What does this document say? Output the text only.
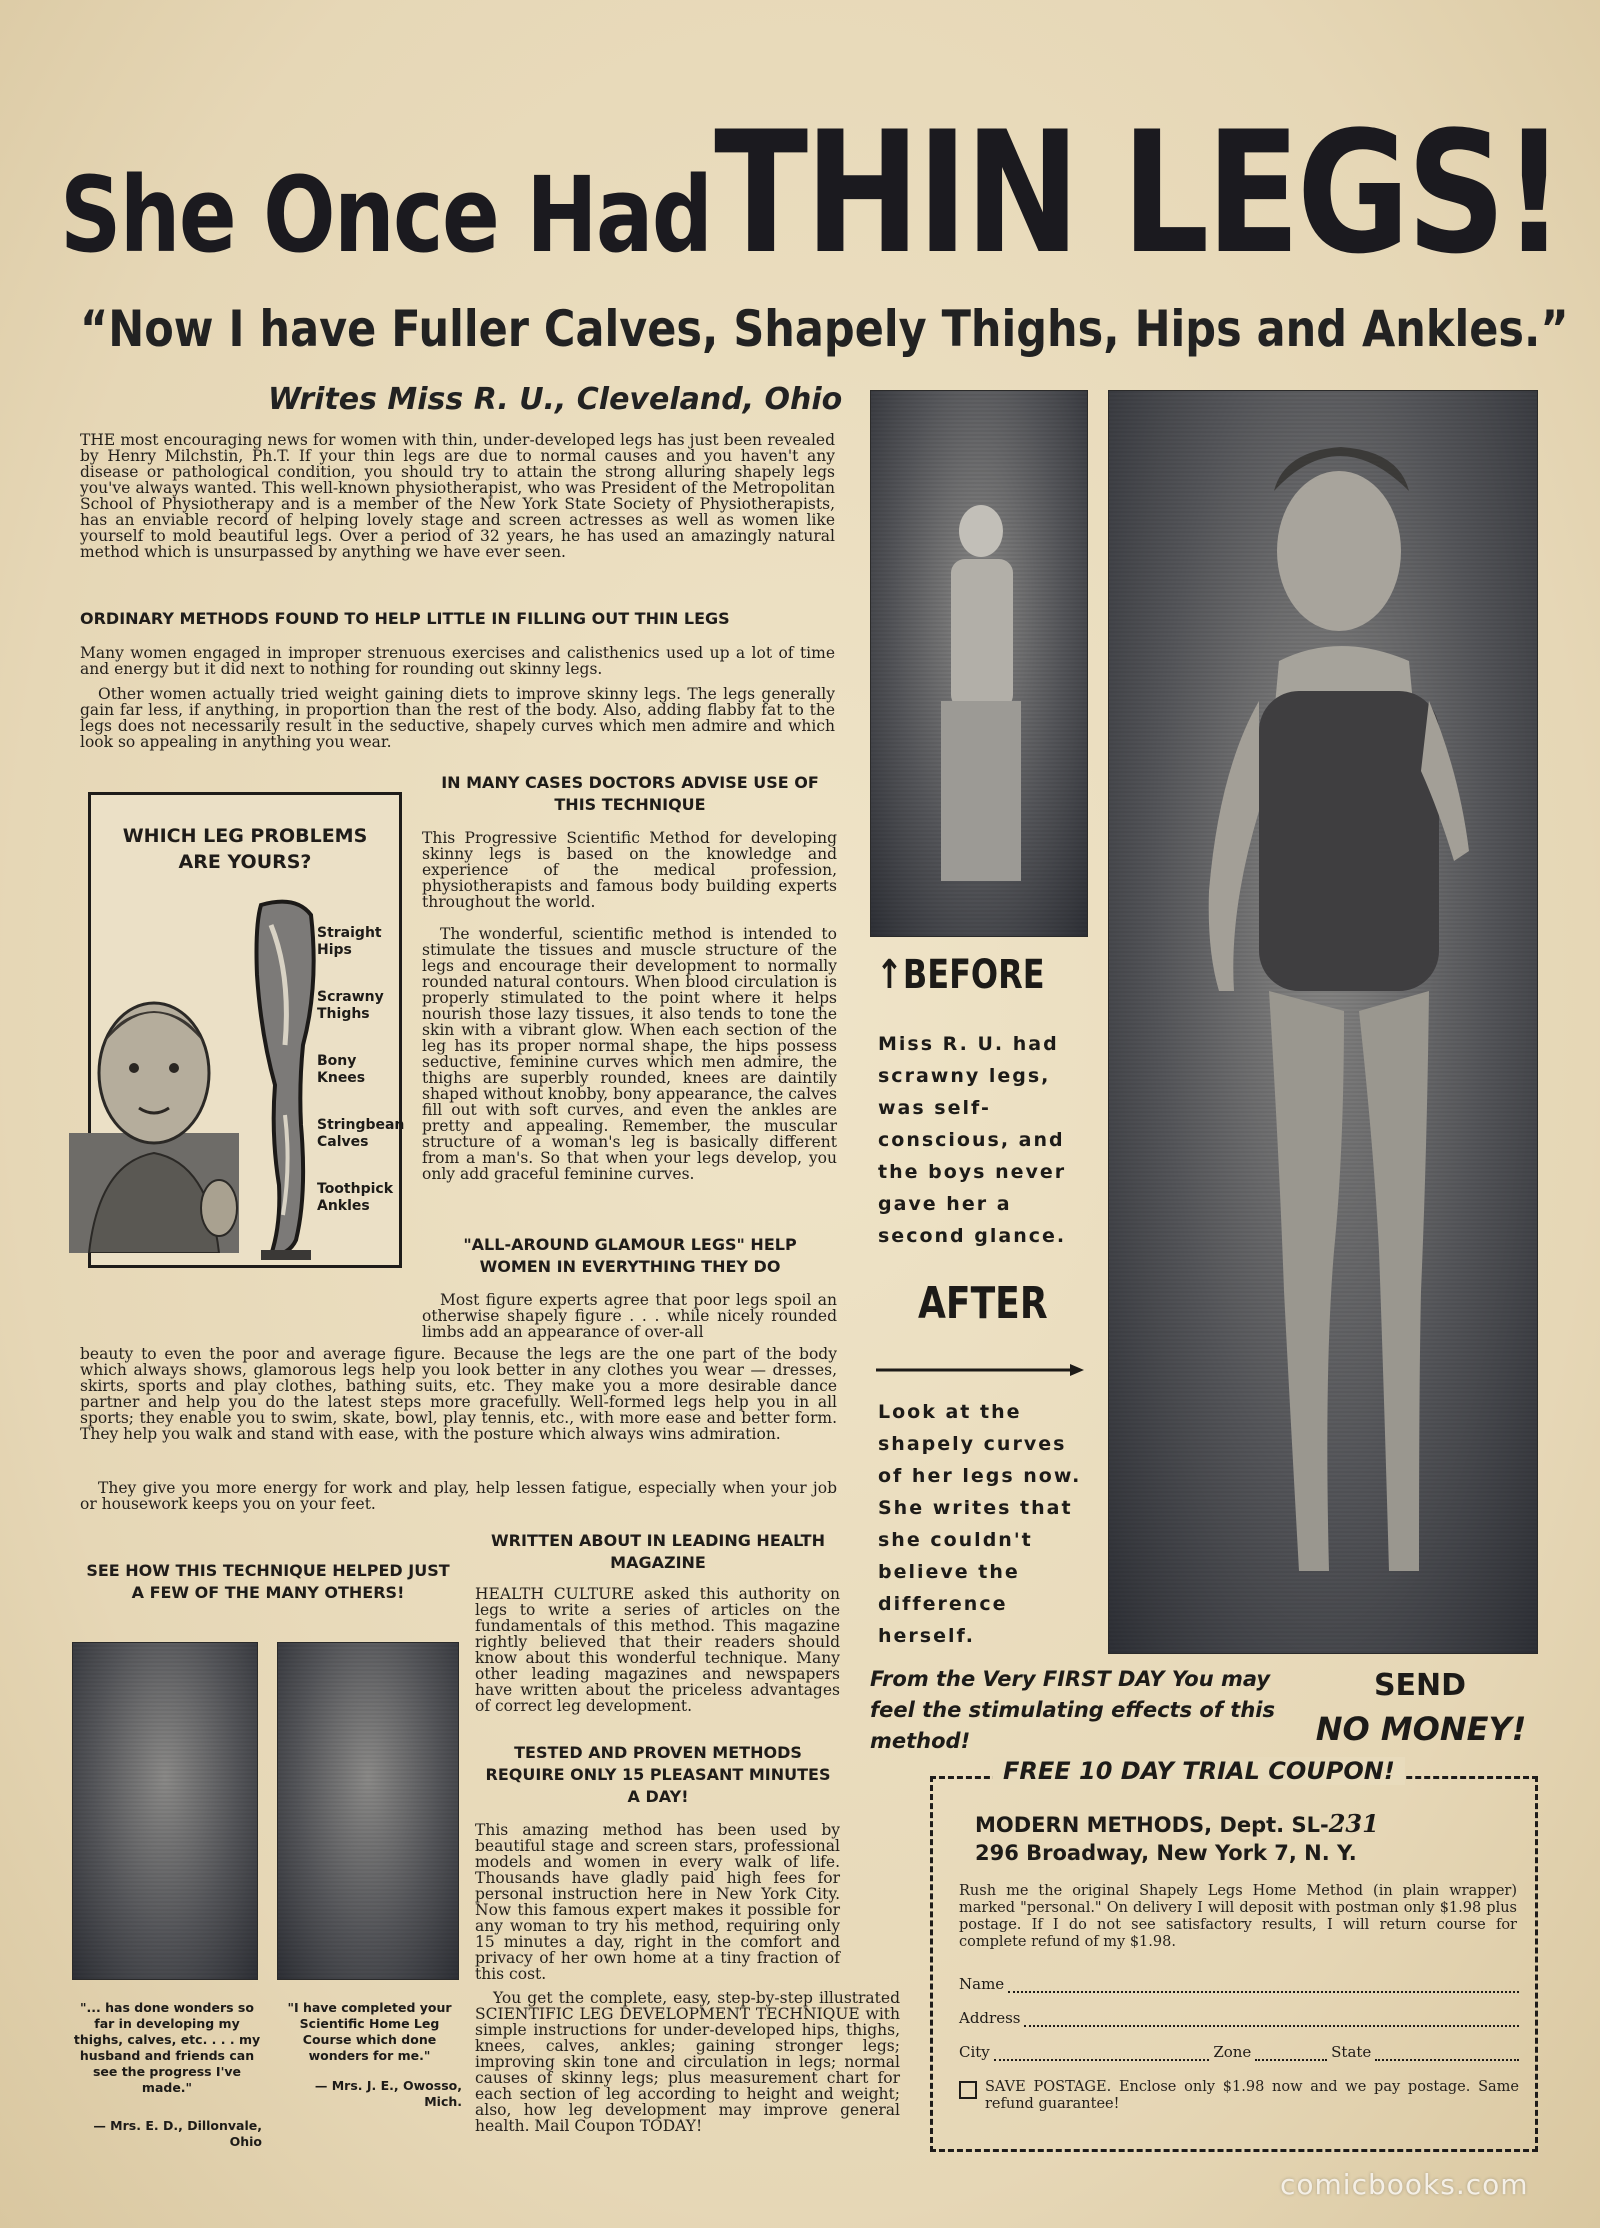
She Once Had THIN LEGS!
“Now I have Fuller Calves, Shapely Thighs, Hips and Ankles.”
Writes Miss R. U., Cleveland, Ohio
THE most encouraging news for women with thin, under-developed legs has just been revealed by Henry Milchstin, Ph.T. If your thin legs are due to normal causes and you haven't any disease or pathological condition, you should try to attain the strong alluring shapely legs you've always wanted. This well-known physiotherapist, who was President of the Metropolitan School of Physiotherapy and is a member of the New York State Society of Physiotherapists, has an enviable record of helping lovely stage and screen actresses as well as women like yourself to mold beautiful legs. Over a period of 32 years, he has used an amazingly natural method which is unsurpassed by anything we have ever seen.
ORDINARY METHODS FOUND TO HELP LITTLE IN FILLING OUT THIN LEGS
Many women engaged in improper strenuous exercises and calisthenics used up a lot of time and energy but it did next to nothing for rounding out skinny legs.
Other women actually tried weight gaining diets to improve skinny legs. The legs generally gain far less, if anything, in proportion than the rest of the body. Also, adding flabby fat to the legs does not necessarily result in the seductive, shapely curves which men admire and which look so appealing in anything you wear.
WHICH LEG PROBLEMS ARE YOURS?
Straight Hips
Scrawny Thighs
Bony Knees
Stringbean Calves
Toothpick Ankles
IN MANY CASES DOCTORS ADVISE USE OF THIS TECHNIQUE
This Progressive Scientific Method for developing skinny legs is based on the knowledge and experience of the medical profession, physiotherapists and famous body building experts throughout the world.
The wonderful, scientific method is intended to stimulate the tissues and muscle structure of the legs and encourage their development to normally rounded natural contours. When blood circulation is properly stimulated to the point where it helps nourish those lazy tissues, it also tends to tone the skin with a vibrant glow. When each section of the leg has its proper normal shape, the hips possess seductive, feminine curves which men admire, the thighs are superbly rounded, knees are daintily shaped without knobby, bony appearance, the calves fill out with soft curves, and even the ankles are pretty and appealing. Remember, the muscular structure of a woman's leg is basically different from a man's. So that when your legs develop, you only add graceful feminine curves.
"ALL-AROUND GLAMOUR LEGS" HELP WOMEN IN EVERYTHING THEY DO
Most figure experts agree that poor legs spoil an otherwise shapely figure . . . while nicely rounded limbs add an appearance of over-all
beauty to even the poor and average figure. Because the legs are the one part of the body which always shows, glamorous legs help you look better in any clothes you wear — dresses, skirts, sports and play clothes, bathing suits, etc. They make you a more desirable dance partner and help you do the latest steps more gracefully. Well-formed legs help you in all sports; they enable you to swim, skate, bowl, play tennis, etc., with more ease and better form. They help you walk and stand with ease, with the posture which always wins admiration.
They give you more energy for work and play, help lessen fatigue, especially when your job or housework keeps you on your feet.
SEE HOW THIS TECHNIQUE HELPED JUST A FEW OF THE MANY OTHERS!
"... has done wonders so far in developing my thighs, calves, etc. . . . my husband and friends can see the progress I've made."
— Mrs. E. D., Dillonvale, Ohio
"I have completed your Scientific Home Leg Course which done wonders for me."
— Mrs. J. E., Owosso, Mich.
WRITTEN ABOUT IN LEADING HEALTH MAGAZINE
HEALTH CULTURE asked this authority on legs to write a series of articles on the fundamentals of this method. This magazine rightly believed that their readers should know about this wonderful technique. Many other leading magazines and newspapers have written about the priceless advantages of correct leg development.
TESTED AND PROVEN METHODS REQUIRE ONLY 15 PLEASANT MINUTES A DAY!
This amazing method has been used by beautiful stage and screen stars, professional models and women in every walk of life. Thousands have gladly paid high fees for personal instruction here in New York City. Now this famous expert makes it possible for any woman to try his method, requiring only 15 minutes a day, right in the comfort and privacy of her own home at a tiny fraction of this cost.
You get the complete, easy, step-by-step illustrated SCIENTIFIC LEG DEVELOPMENT TECHNIQUE with simple instructions for under-developed hips, thighs, knees, calves, ankles; gaining stronger legs; improving skin tone and circulation in legs; normal causes of skinny legs; plus measurement chart for each section of leg according to height and weight; also, how leg development may improve general health. Mail Coupon TODAY!
↑BEFORE
Miss R. U. had scrawny legs, was self-conscious, and the boys never gave her a second glance.
AFTER
Look at the shapely curves of her legs now. She writes that she couldn't believe the difference herself.
From the Very FIRST DAY You may feel the stimulating effects of this method!
SEND
NO MONEY!
FREE 10 DAY TRIAL COUPON!
MODERN METHODS, Dept. SL-231
296 Broadway, New York 7, N. Y.
Rush me the original Shapely Legs Home Method (in plain wrapper) marked "personal." On delivery I will deposit with postman only $1.98 plus postage. If I do not see satisfactory results, I will return course for complete refund of my $1.98.
Name
Address
City	Zone	State
SAVE POSTAGE. Enclose only $1.98 now and we pay postage. Same refund guarantee!
comicbooks.com
